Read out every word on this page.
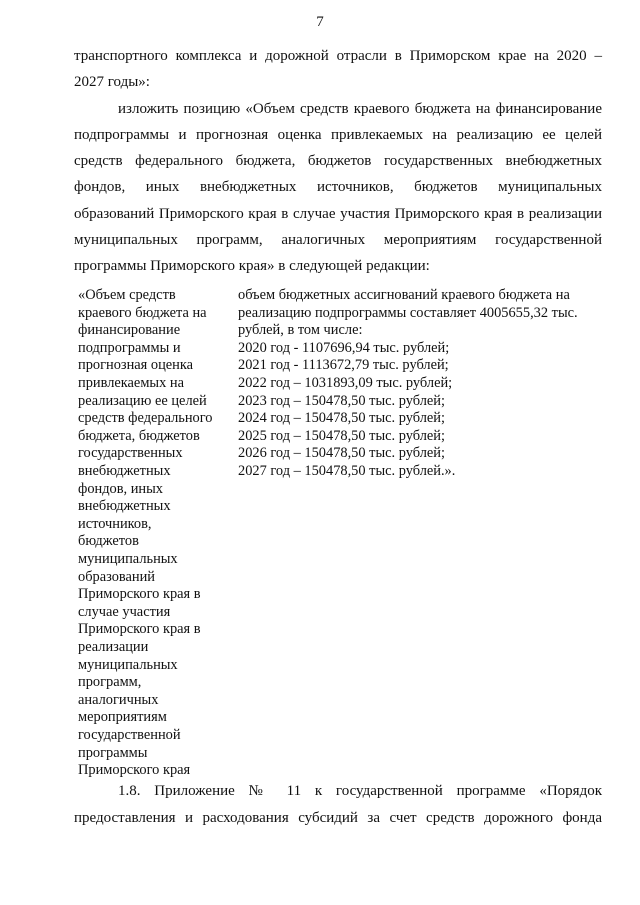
7
транспортного комплекса и дорожной отрасли в Приморском крае на 2020 –
2027 годы»:
изложить позицию «Объем средств краевого бюджета на финансирование
подпрограммы и прогнозная оценка привлекаемых на реализацию ее целей
средств федерального бюджета, бюджетов государственных внебюджетных
фондов, иных внебюджетных источников, бюджетов муниципальных
образований Приморского края в случае участия Приморского края в реализации
муниципальных программ, аналогичных мероприятиям государственной
программы Приморского края» в следующей редакции:
«Объем средств
краевого бюджета на
финансирование
подпрограммы и
прогнозная оценка
привлекаемых на
реализацию ее целей
средств федерального
бюджета, бюджетов
государственных
внебюджетных
фондов, иных
внебюджетных
источников,
бюджетов
муниципальных
образований
Приморского края в
случае участия
Приморского края в
реализации
муниципальных
программ,
аналогичных
мероприятиям
государственной
программы
Приморского края
объем бюджетных ассигнований краевого бюджета на
реализацию подпрограммы составляет 4005655,32 тыс.
рублей, в том числе:
2020 год - 1107696,94 тыс. рублей;
2021 год - 1113672,79 тыс. рублей;
2022 год – 1031893,09 тыс. рублей;
2023 год – 150478,50 тыс. рублей;
2024 год – 150478,50 тыс. рублей;
2025 год – 150478,50 тыс. рублей;
2026 год – 150478,50 тыс. рублей;
2027 год – 150478,50 тыс. рублей.».
1.8. Приложение № 11 к государственной программе «Порядок
предоставления и расходования субсидий за счет средств дорожного фонда
